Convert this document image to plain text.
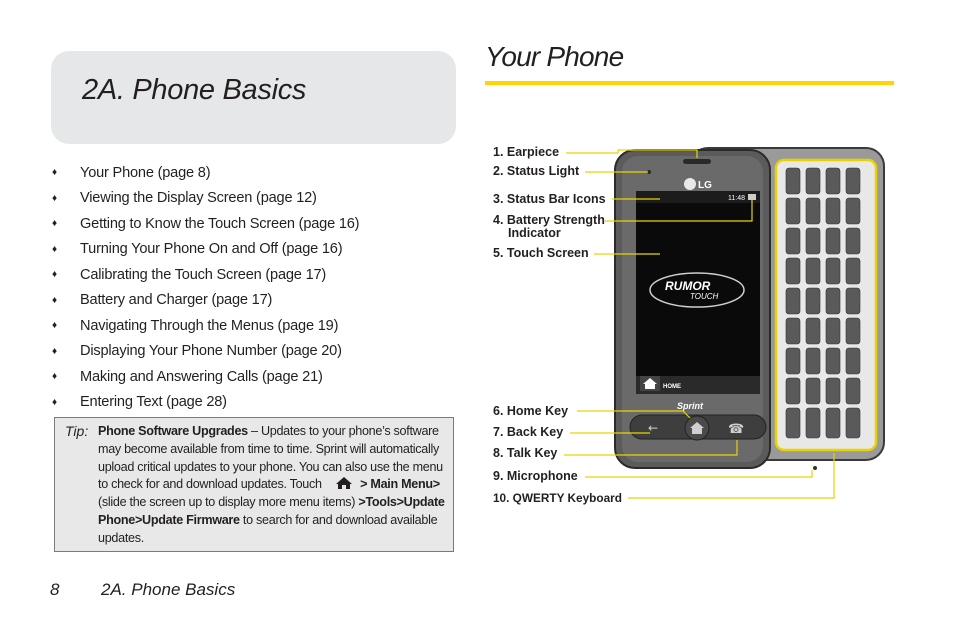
2A. Phone Basics
♦	Your Phone (page 8)
♦	Viewing the Display Screen (page 12)
♦	Getting to Know the Touch Screen (page 16)
♦	Turning Your Phone On and Off (page 16)
♦	Calibrating the Touch Screen (page 17)
♦	Battery and Charger (page 17)
♦	Navigating Through the Menus (page 19)
♦	Displaying Your Phone Number (page 20)
♦	Making and Answering Calls (page 21)
♦	Entering Text (page 28)
Tip: Phone Software Upgrades – Updates to your phone’s software may become available from time to time. Sprint will automatically upload critical updates to your phone. You can also use the menu to check for and download updates. Touch	> Main Menu> (slide the screen up to display more menu items) >Tools>Update Phone>Update Firmware to search for and download available updates.
8 2A. Phone Basics
Your Phone
1. Earpiece
2. Status Light
3. Status Bar Icons
4. Battery Strength
Indicator
5. Touch Screen
6. Home Key
7. Back Key
8. Talk Key
9. Microphone
10. QWERTY Keyboard
LG
11:48
RUMOR
TOUCH
HOME
Sprint
←	☎
